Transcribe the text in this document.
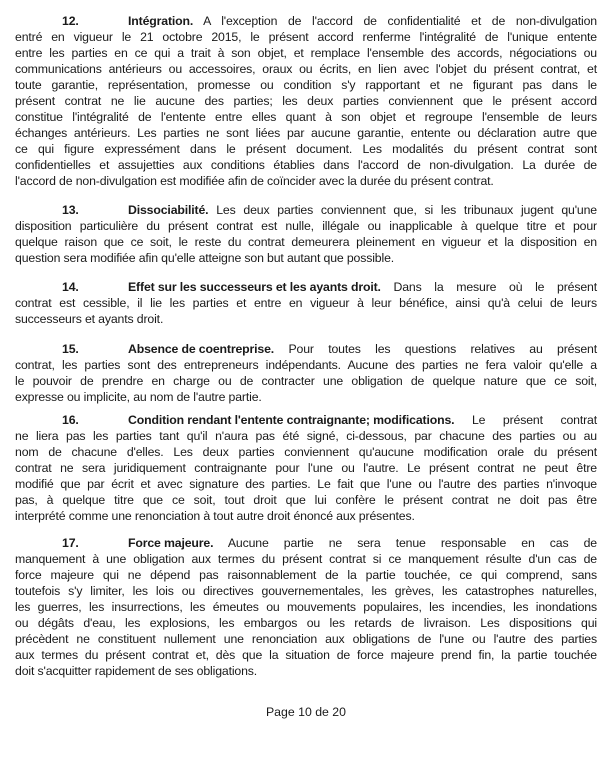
12.	Intégration. A l'exception de l'accord de confidentialité et de non-divulgation
entré en vigueur le 21 octobre 2015, le présent accord renferme l'intégralité de l'unique entente
entre les parties en ce qui a trait à son objet, et remplace l'ensemble des accords, négociations ou
communications antérieurs ou accessoires, oraux ou écrits, en lien avec l'objet du présent contrat, et
toute garantie, représentation, promesse ou condition s'y rapportant et ne figurant pas dans le
présent contrat ne lie aucune des parties; les deux parties conviennent que le présent accord
constitue l'intégralité de l'entente entre elles quant à son objet et regroupe l'ensemble de leurs
échanges antérieurs. Les parties ne sont liées par aucune garantie, entente ou déclaration autre que
ce qui figure expressément dans le présent document. Les modalités du présent contrat sont
confidentielles et assujetties aux conditions établies dans l'accord de non-divulgation. La durée de
l'accord de non-divulgation est modifiée afin de coïncider avec la durée du présent contrat.
13.	Dissociabilité. Les deux parties conviennent que, si les tribunaux jugent qu'une
disposition particulière du présent contrat est nulle, illégale ou inapplicable à quelque titre et pour
quelque raison que ce soit, le reste du contrat demeurera pleinement en vigueur et la disposition en
question sera modifiée afin qu'elle atteigne son but autant que possible.
14.	Effet sur les successeurs et les ayants droit. Dans la mesure où le présent
contrat est cessible, il lie les parties et entre en vigueur à leur bénéfice, ainsi qu'à celui de leurs
successeurs et ayants droit.
15.	Absence de coentreprise. Pour toutes les questions relatives au présent
contrat, les parties sont des entrepreneurs indépendants. Aucune des parties ne fera valoir qu'elle a
le pouvoir de prendre en charge ou de contracter une obligation de quelque nature que ce soit,
expresse ou implicite, au nom de l'autre partie.
16.	Condition rendant l'entente contraignante; modifications. Le présent contrat
ne liera pas les parties tant qu'il n'aura pas été signé, ci-dessous, par chacune des parties ou au
nom de chacune d'elles. Les deux parties conviennent qu'aucune modification orale du présent
contrat ne sera juridiquement contraignante pour l'une ou l'autre. Le présent contrat ne peut être
modifié que par écrit et avec signature des parties. Le fait que l'une ou l'autre des parties n'invoque
pas, à quelque titre que ce soit, tout droit que lui confère le présent contrat ne doit pas être
interprété comme une renonciation à tout autre droit énoncé aux présentes.
17.	Force majeure. Aucune partie ne sera tenue responsable en cas de
manquement à une obligation aux termes du présent contrat si ce manquement résulte d'un cas de
force majeure qui ne dépend pas raisonnablement de la partie touchée, ce qui comprend, sans
toutefois s'y limiter, les lois ou directives gouvernementales, les grèves, les catastrophes naturelles,
les guerres, les insurrections, les émeutes ou mouvements populaires, les incendies, les inondations
ou dégâts d'eau, les explosions, les embargos ou les retards de livraison. Les dispositions qui
précèdent ne constituent nullement une renonciation aux obligations de l'une ou l'autre des parties
aux termes du présent contrat et, dès que la situation de force majeure prend fin, la partie touchée
doit s'acquitter rapidement de ses obligations.
Page 10 de 20
